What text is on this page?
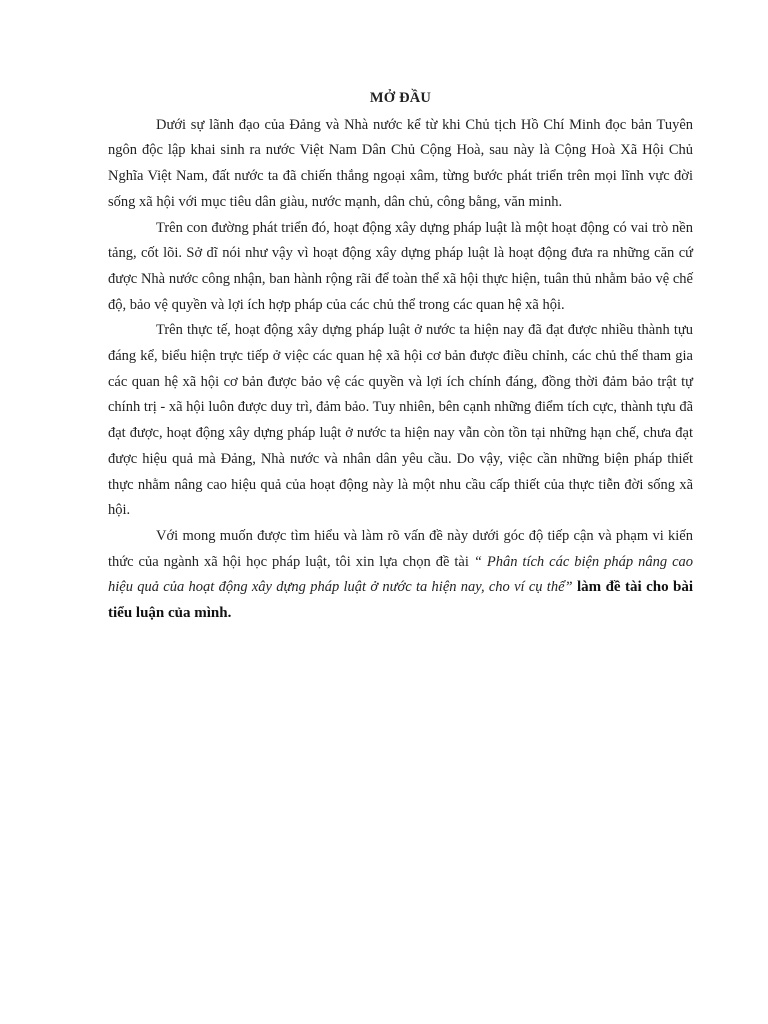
MỞ ĐẦU

Dưới sự lãnh đạo của Đảng và Nhà nước kể từ khi Chủ tịch Hồ Chí Minh đọc bản Tuyên ngôn độc lập khai sinh ra nước Việt Nam Dân Chủ Cộng Hoà, sau này là Cộng Hoà Xã Hội Chủ Nghĩa Việt Nam, đất nước ta đã chiến thắng ngoại xâm, từng bước phát triển trên mọi lĩnh vực đời sống xã hội với mục tiêu dân giàu, nước mạnh, dân chủ, công bằng, văn minh.

Trên con đường phát triển đó, hoạt động xây dựng pháp luật là một hoạt động có vai trò nền tảng, cốt lõi. Sở dĩ nói như vậy vì hoạt động xây dựng pháp luật là hoạt động đưa ra những căn cứ được Nhà nước công nhận, ban hành rộng rãi để toàn thể xã hội thực hiện, tuân thủ nhằm bảo vệ chế độ, bảo vệ quyền và lợi ích hợp pháp của các chủ thể trong các quan hệ xã hội.

Trên thực tế, hoạt động xây dựng pháp luật ở nước ta hiện nay đã đạt được nhiều thành tựu đáng kể, biểu hiện trực tiếp ở việc các quan hệ xã hội cơ bản được điều chỉnh, các chủ thể tham gia các quan hệ xã hội cơ bản được bảo vệ các quyền và lợi ích chính đáng, đồng thời đảm bảo trật tự chính trị - xã hội luôn được duy trì, đảm bảo. Tuy nhiên, bên cạnh những điểm tích cực, thành tựu đã đạt được, hoạt động xây dựng pháp luật ở nước ta hiện nay vẫn còn tồn tại những hạn chế, chưa đạt được hiệu quả mà Đảng, Nhà nước và nhân dân yêu cầu. Do vậy, việc cần những biện pháp thiết thực nhằm nâng cao hiệu quả của hoạt động này là một nhu cầu cấp thiết của thực tiễn đời sống xã hội.

Với mong muốn được tìm hiểu và làm rõ vấn đề này dưới góc độ tiếp cận và phạm vi kiến thức của ngành xã hội học pháp luật, tôi xin lựa chọn đề tài “ Phân tích các biện pháp nâng cao hiệu quả của hoạt động xây dựng pháp luật ở nước ta hiện nay, cho ví cụ thể” làm đề tài cho bài tiểu luận của mình.
